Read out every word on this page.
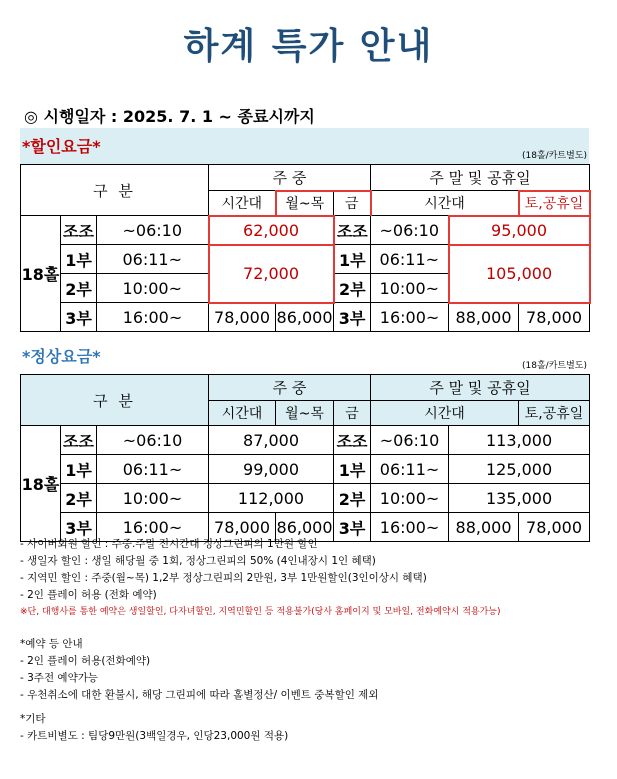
하계 특가 안내
◎ 시행일자 : 2025. 7. 1 ~ 종료시까지
*할인요금*	(18홀/카트별도)
구 분			주 중			주 말 및 공휴일			
			시간대	월~목	금	시간대		토,공휴일	
18홀	조조	~06:10	62,000		조조	~06:10	95,000		
	1부	06:11~	72,000		1부	06:11~	105,000		
	2부	10:00~			2부	10:00~			
	3부	16:00~	78,000	86,000	3부	16:00~	88,000	78,000	
*정상요금*	(18홀/카트별도)
구 분			주 중			주 말 및 공휴일			
			시간대	월~목	금	시간대		토,공휴일	
18홀	조조	~06:10	87,000		조조	~06:10	113,000		
	1부	06:11~	99,000		1부	06:11~	125,000		
	2부	10:00~	112,000		2부	10:00~	135,000		
	3부	16:00~	78,000	86,000	3부	16:00~	88,000	78,000	
- 사이버회원 할인 : 주중.주말 전시간대 정상그린피의 1만원 할인
- 생일자 할인 : 생일 해당월 중 1회, 정상그린피의 50% (4인내장시 1인 혜택)
- 지역민 할인 : 주중(월~목) 1,2부 정상그린피의 2만원, 3부 1만원할인(3인이상시 혜택)
- 2인 플레이 허용 (전화 예약)
※단, 대행사를 통한 예약은 생일할인, 다자녀할인, 지역민할인 등 적용불가(당사 홈페이지 및 모바일, 전화예약시 적용가능)
*예약 등 안내
- 2인 플레이 허용(전화예약)
- 3주전 예약가능
- 우천취소에 대한 환불시, 해당 그린피에 따라 홀별정산/ 이벤트 중복할인 제외
*기타
- 카트비별도 : 팀당9만원(3백일경우, 인당23,000원 적용)
